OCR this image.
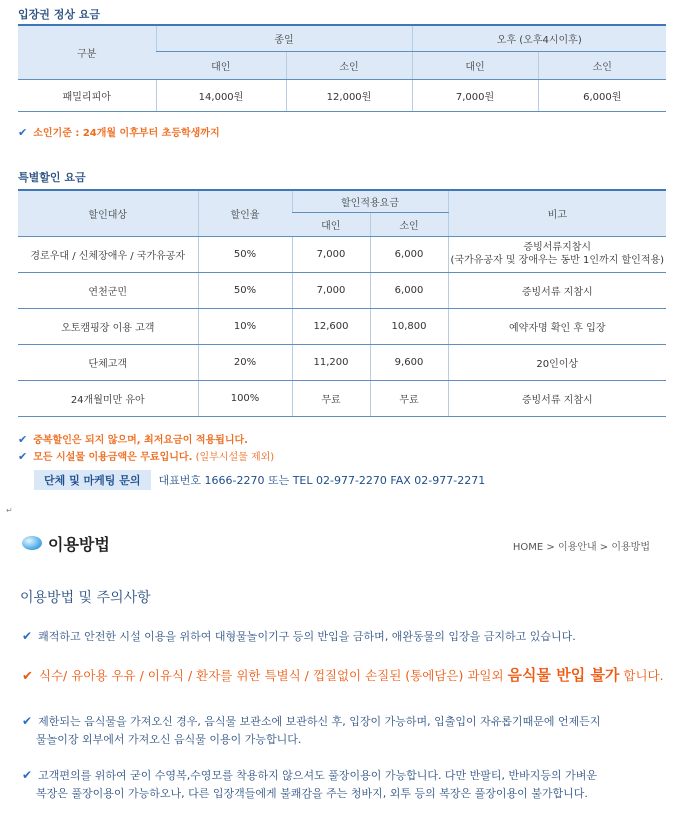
입장권 정상 요금
구분	종일		오후 (오후4시이후)	
	대인	소인	대인	소인
패밀리피아	14,000원	12,000원	7,000원	6,000원
✔ 소인기준 : 24개월 이후부터 초등학생까지
특별할인 요금
할인대상	할인율	할인적용요금		비고
		대인	소인	
경로우대 / 신체장애우 / 국가유공자	50%	7,000	6,000	증빙서류지참시
(국가유공자 및 장애우는 동반 1인까지 할인적용)

연천군민	50%	7,000	6,000	증빙서류 지참시
오토캠핑장 이용 고객	10%	12,600	10,800	예약자명 확인 후 입장
단체고객	20%	11,200	9,600	20인이상
24개월미만 유아	100%	무료	무료	증빙서류 지참시
✔ 중복할인은 되지 않으며, 최저요금이 적용됩니다.
✔ 모든 시설물 이용금액은 무료입니다. (일부시설물 제외)
단체 및 마케팅 문의 대표번호 1666-2270 또는 TEL 02-977-2270 FAX 02-977-2271
↵
이용방법	HOME > 이용안내 > 이용방법
이용방법 및 주의사항
✔ 쾌적하고 안전한 시설 이용을 위하여 대형물놀이기구 등의 반입을 금하며, 애완동물의 입장을 금지하고 있습니다.
✔ 식수/ 유아용 우유 / 이유식 / 환자를 위한 특별식 / 껍질없이 손질된 (통에담은) 과일외 음식물 반입 불가 합니다.
✔ 제한되는 음식물을 가져오신 경우, 음식물 보관소에 보관하신 후, 입장이 가능하며, 입출입이 자유롭기때문에 언제든지
물놀이장 외부에서 가져오신 음식물 이용이 가능합니다.
✔ 고객편의를 위하여 굳이 수영복,수영모를 착용하지 않으셔도 풀장이용이 가능합니다. 다만 반팔티, 반바지등의 가벼운
복장은 풀장이용이 가능하오나, 다른 입장객들에게 불쾌감을 주는 청바지, 외투 등의 복장은 풀장이용이 불가합니다.
